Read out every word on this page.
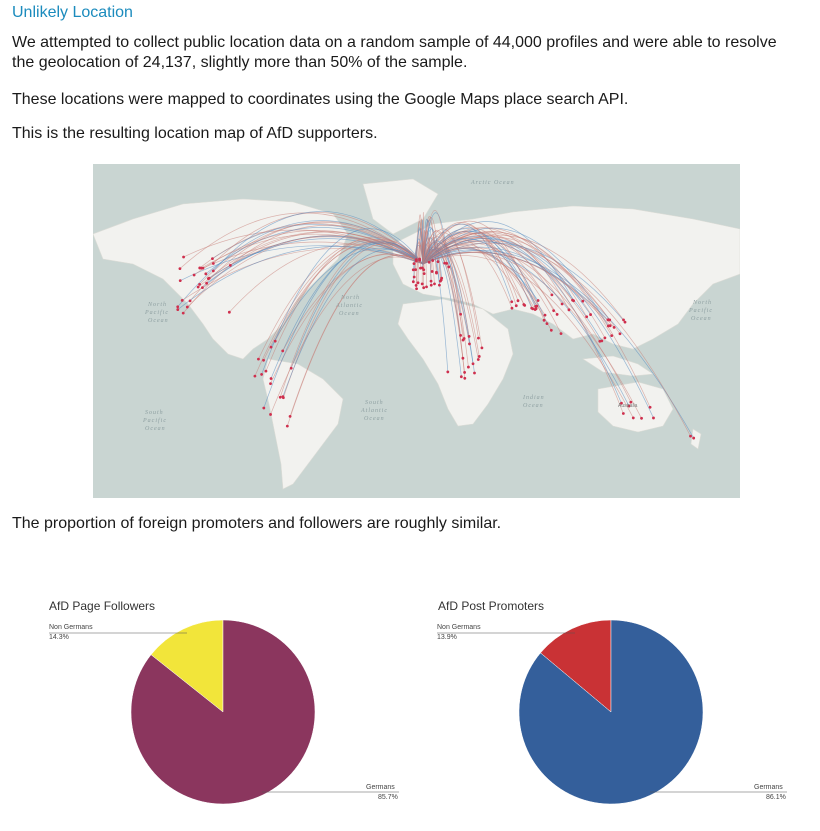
Unlikely Location
We attempted to collect public location data on a random sample of 44,000 profiles and were able to resolve the geolocation of 24,137, slightly more than 50% of the sample.
These locations were mapped to coordinates using the Google Maps place search API.
This is the resulting location map of AfD supporters.
Arctic Ocean
North
Pacific
Ocean
North
Atlantic
Ocean
North
Pacific
Ocean
South
Pacific
Ocean
South
Atlantic
Ocean
Indian
Ocean	Australia
The proportion of foreign promoters and followers are roughly similar.
AfD Page Followers	AfD Post Promoters
Non Germans
14.3%
Germans
85.7%
Non Germans
13.9%
Germans
86.1%
